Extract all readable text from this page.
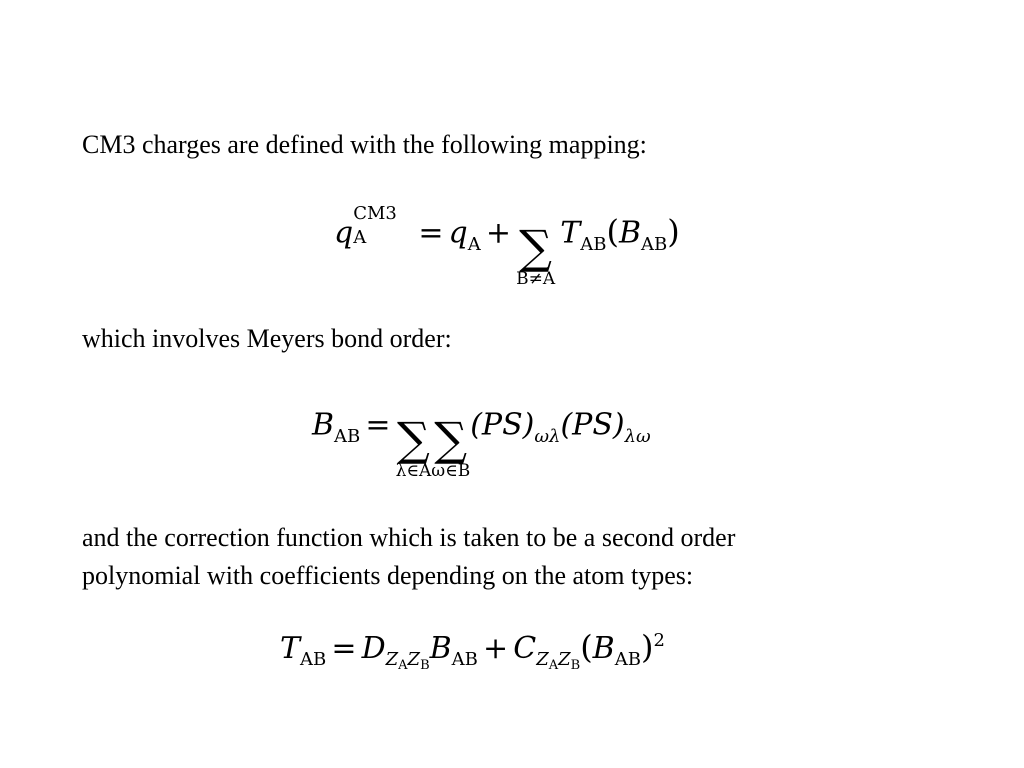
CM3 charges are defined with the following mapping:
q
CM3
A = qA + ∑
B≠A
TAB(BAB)
which involves Meyers bond order:
BAB = ∑
λ∈A
∑
ω∈B
(PS)ωλ(PS)λω
and the correction function which is taken to be a second order
polynomial with coefficients depending on the atom types:
TAB = $DZ_AZ_BBAB + CZ_AZ_B(BAB)2$
